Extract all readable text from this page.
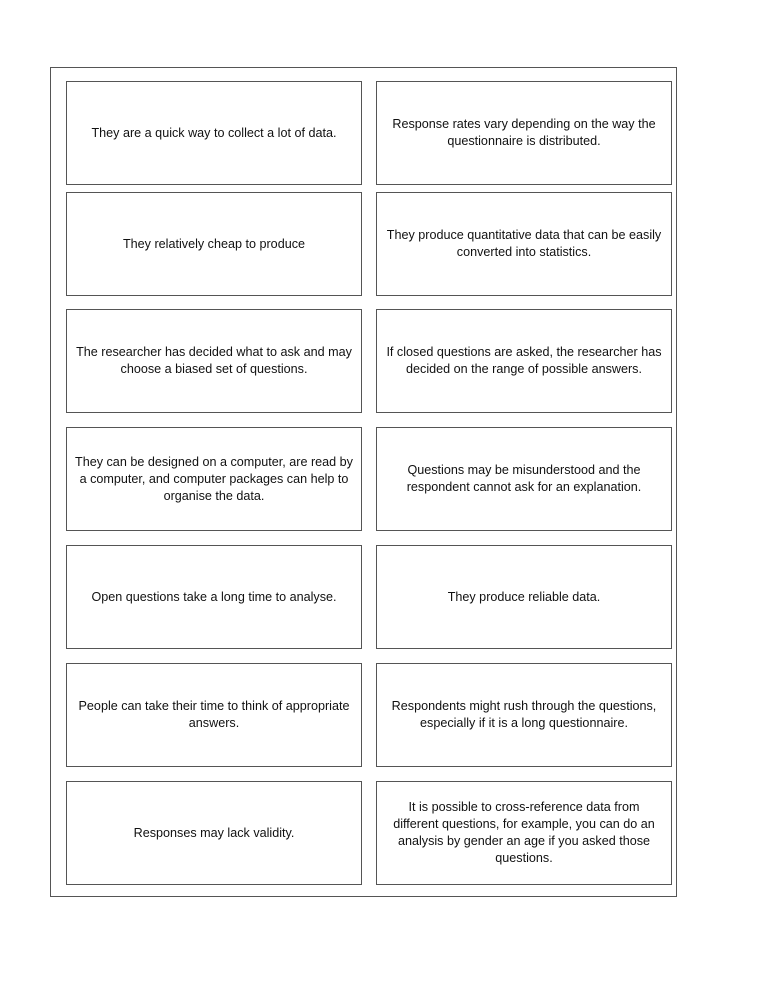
They are a quick way to collect a lot of data.
Response rates vary depending on the way the questionnaire is distributed.
They relatively cheap to produce
They produce quantitative data that can be easily converted into statistics.
The researcher has decided what to ask and may choose a biased set of questions.
If closed questions are asked, the researcher has decided on the range of possible answers.
They can be designed on a computer, are read by a computer, and computer packages can help to organise the data.
Questions may be misunderstood and the respondent cannot ask for an explanation.
Open questions take a long time to analyse.	They produce reliable data.
People can take their time to think of appropriate answers.
Respondents might rush through the questions, especially if it is a long questionnaire.
Responses may lack validity.
It is possible to cross-reference data from different questions, for example, you can do an analysis by gender an age if you asked those questions.
